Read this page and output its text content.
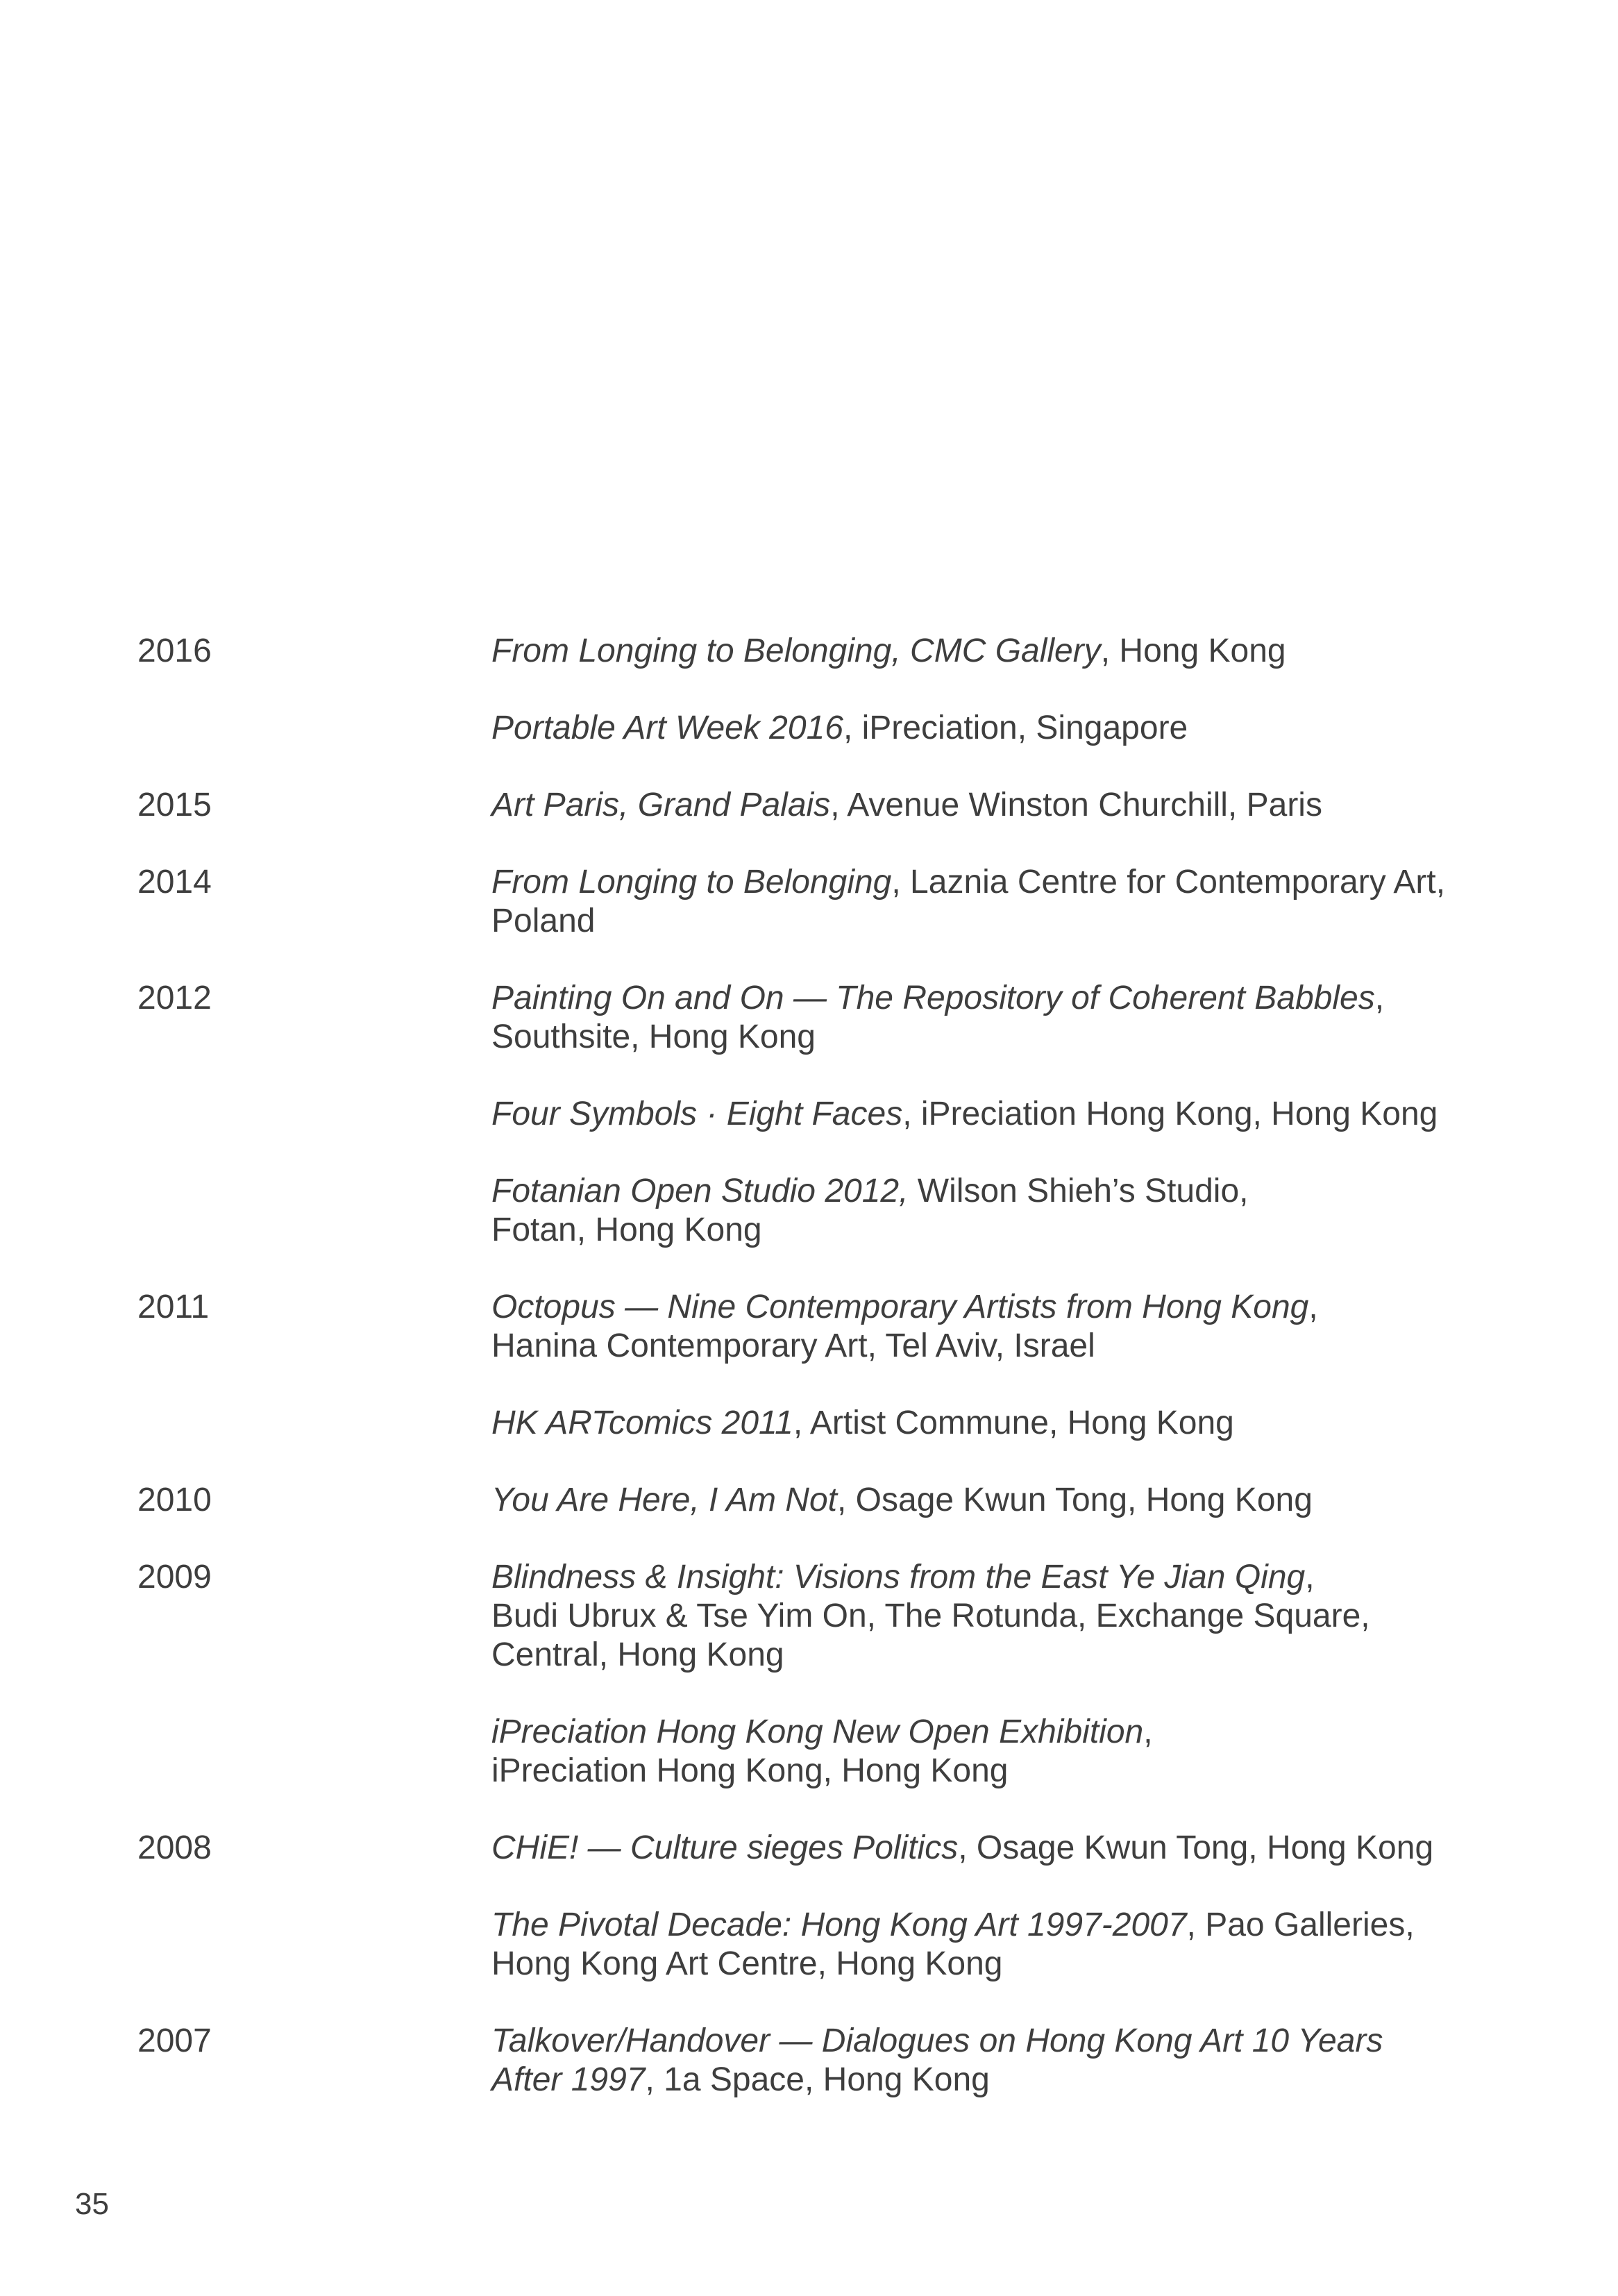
2016	From Longing to Belonging, CMC Gallery, Hong Kong
Portable Art Week 2016, iPreciation, Singapore
2015	Art Paris, Grand Palais, Avenue Winston Churchill, Paris
2014	From Longing to Belonging, Laznia Centre for Contemporary Art,
Poland
2012	Painting On and On — The Repository of Coherent Babbles,
Southsite, Hong Kong
Four Symbols · Eight Faces, iPreciation Hong Kong, Hong Kong
Fotanian Open Studio 2012, Wilson Shieh’s Studio,
Fotan, Hong Kong
2011	Octopus — Nine Contemporary Artists from Hong Kong,
Hanina Contemporary Art, Tel Aviv, Israel
HK ARTcomics 2011, Artist Commune, Hong Kong
2010	You Are Here, I Am Not, Osage Kwun Tong, Hong Kong
2009	Blindness & Insight: Visions from the East Ye Jian Qing,
Budi Ubrux & Tse Yim On, The Rotunda, Exchange Square,
Central, Hong Kong
iPreciation Hong Kong New Open Exhibition,
iPreciation Hong Kong, Hong Kong
2008	CHiE! — Culture sieges Politics, Osage Kwun Tong, Hong Kong
The Pivotal Decade: Hong Kong Art 1997-2007, Pao Galleries,
Hong Kong Art Centre, Hong Kong
2007	Talkover/Handover — Dialogues on Hong Kong Art 10 Years
After 1997, 1a Space, Hong Kong
35
